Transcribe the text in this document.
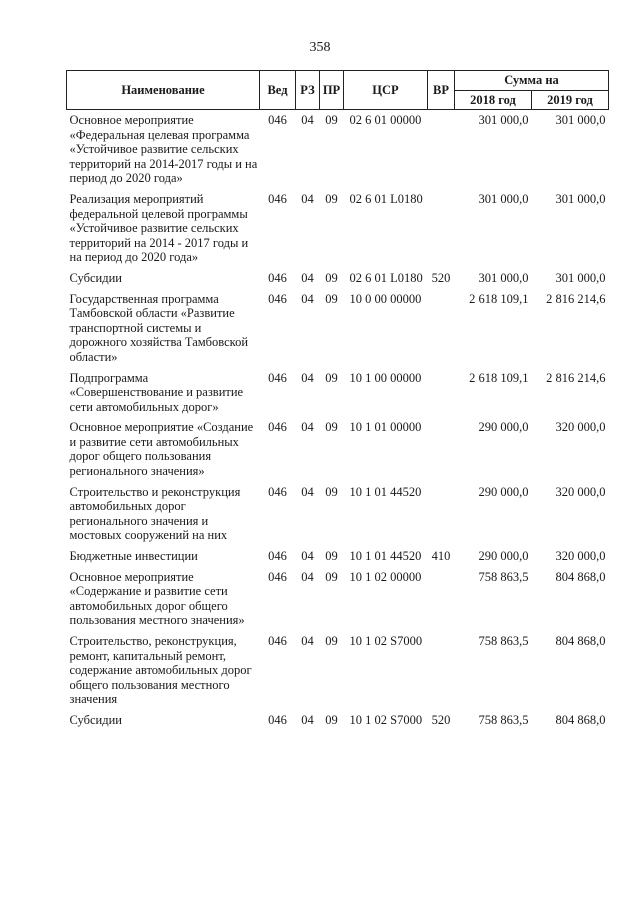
358
Наименование	Вед	РЗ	ПР	ЦСР	ВР	Сумма на	
						2018 год	2019 год
Основное мероприятие «Федеральная целевая программа «Устойчивое развитие сельских территорий на 2014-2017 годы и на период до 2020 года»	046	04	09	02 6 01 00000		301 000,0	301 000,0
Реализация мероприятий федеральной целевой программы «Устойчивое развитие сельских территорий на 2014 - 2017 годы и на период до 2020 года»	046	04	09	02 6 01 L0180		301 000,0	301 000,0
Субсидии	046	04	09	02 6 01 L0180	520	301 000,0	301 000,0
Государственная программа Тамбовской области «Развитие транспортной системы и дорожного хозяйства Тамбовской области»	046	04	09	10 0 00 00000		2 618 109,1	2 816 214,6
Подпрограмма «Совершенствование и развитие сети автомобильных дорог»	046	04	09	10 1 00 00000		2 618 109,1	2 816 214,6
Основное мероприятие «Создание и развитие сети автомобильных дорог общего пользования регионального значения»	046	04	09	10 1 01 00000		290 000,0	320 000,0
Строительство и реконструкция автомобильных дорог регионального значения и мостовых сооружений на них	046	04	09	10 1 01 44520		290 000,0	320 000,0
Бюджетные инвестиции	046	04	09	10 1 01 44520	410	290 000,0	320 000,0
Основное мероприятие «Содержание и развитие сети автомобильных дорог общего пользования местного значения»	046	04	09	10 1 02 00000		758 863,5	804 868,0
Строительство, реконструкция, ремонт, капитальный ремонт, содержание автомобильных дорог общего пользования местного значения	046	04	09	10 1 02 S7000		758 863,5	804 868,0
Субсидии	046	04	09	10 1 02 S7000	520	758 863,5	804 868,0
